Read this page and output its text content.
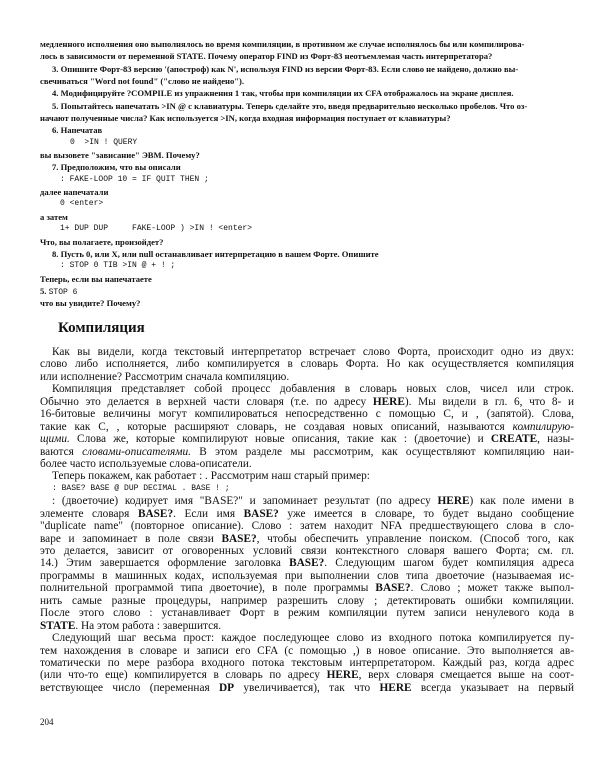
медленного исполнения оно выполнялось во время компиляции, в противном же случае исполнялось бы или компилирова-
лось в зависимости от переменной STATE. Почему оператор FIND из Форт-83 неотъемлемая часть интерпретатора?
3. Опишите Форт-83 версию '(апостроф) как N', используя FIND из версии Форт-83. Если слово не найдено, должно вы-
свечиваться "Word not found" ("слово не найдено").
4. Модифицируйте ?COMPILE из упражнения 1 так, чтобы при компиляции их CFA отображалось на экране дисплея.
5. Попытайтесь напечатать >IN @ с клавиатуры. Теперь сделайте это, введя предварительно несколько пробелов. Что оз-
начают полученные числа? Как используется >IN, когда входная информация поступает от клавиатуры?
6. Напечатав
0  >IN ! QUERY
вы вызовете "зависание" ЭВМ. Почему?
7. Предположим, что вы описали
: FAKE-LOOP 10 = IF QUIT THEN ;
далее напечатали
0 <enter>
а затем
1+ DUP DUP     FAKE-LOOP ) >IN ! <enter>
Что, вы полагаете, произойдет?
8. Пусть 0, или X, или null останавливает интерпретацию в вашем Форте. Опишите
: STOP 0 TIB >IN @ + ! ;
Теперь, если вы напечатаете
5. STOP 6
что вы увидите? Почему?
Компиляция
Как вы видели, когда текстовый интерпретатор встречает слово Форта, происходит одно из двух:
слово либо исполняется, либо компилируется в словарь Форта. Но как осуществляется компиляция
или исполнение? Рассмотрим сначала компиляцию.
Компиляция представляет собой процесс добавления в словарь новых слов, чисел или строк.
Обычно это делается в верхней части словаря (т.е. по адресу HERE). Мы видели в гл. 6, что 8- и
16-битовые величины могут компилироваться непосредственно с помощью C, и , (запятой). Слова,
такие как C, , которые расширяют словарь, не создавая новых описаний, называются компилирую-
щими. Слова же, которые компилируют новые описания, такие как : (двоеточие) и CREATE, назы-
ваются словами-описателями. В этом разделе мы рассмотрим, как осуществляют компиляцию наи-
более часто используемые слова-описатели.
Теперь покажем, как работает : . Рассмотрим наш старый пример:
: BASE? BASE @ DUP DECIMAL . BASE ! ;
: (двоеточие) кодирует имя "BASE?" и запоминает результат (по адресу HERE) как поле имени в
элементе словаря BASE?. Если имя BASE? уже имеется в словаре, то будет выдано сообщение
"duplicate name" (повторное описание). Слово : затем находит NFA предшествующего слова в сло-
варе и запоминает в поле связи BASE?, чтобы обеспечить управление поиском. (Способ того, как
это делается, зависит от оговоренных условий связи контекстного словаря вашего Форта; см. гл.
14.) Этим завершается оформление заголовка BASE?. Следующим шагом будет компиляция адреса
программы в машинных кодах, используемая при выполнении слов типа двоеточие (называемая ис-
полнительной программой типа двоеточие), в поле программы BASE?. Слово ; может также выпол-
нить самые разные процедуры, например разрешить слову ; детектировать ошибки компиляции.
После этого слово : устанавливает Форт в режим компиляции путем записи ненулевого кода в
STATE. На этом работа : завершится.
Следующий шаг весьма прост: каждое последующее слово из входного потока компилируется пу-
тем нахождения в словаре и записи его CFA (с помощью ,) в новое описание. Это выполняется ав-
томатически по мере разбора входного потока текстовым интерпретатором. Каждый раз, когда адрес
(или что-то еще) компилируется в словарь по адресу HERE, верх словаря смещается выше на соот-
ветствующее число (переменная DP увеличивается), так что HERE всегда указывает на первый
204
